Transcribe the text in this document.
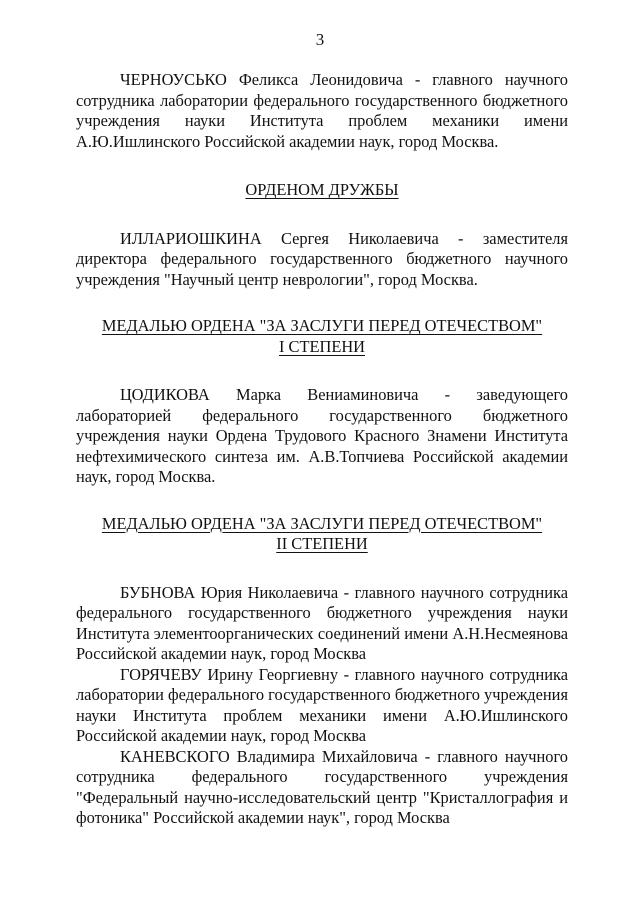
3

ЧЕРНОУСЬКО Феликса Леонидовича - главного научного сотрудника лаборатории федерального государственного бюджетного учреждения науки Института проблем механики имени А.Ю.Ишлинского Российской академии наук, город Москва.

ОРДЕНОМ ДРУЖБЫ

ИЛЛАРИОШКИНА Сергея Николаевича - заместителя директора федерального государственного бюджетного научного учреждения "Научный центр неврологии", город Москва.

МЕДАЛЬЮ ОРДЕНА "ЗА ЗАСЛУГИ ПЕРЕД ОТЕЧЕСТВОМ"
I СТЕПЕНИ

ЦОДИКОВА Марка Вениаминовича - заведующего лабораторией федерального государственного бюджетного учреждения науки Ордена Трудового Красного Знамени Института нефтехимического синтеза им. А.В.Топчиева Российской академии наук, город Москва.

МЕДАЛЬЮ ОРДЕНА "ЗА ЗАСЛУГИ ПЕРЕД ОТЕЧЕСТВОМ"
II СТЕПЕНИ

БУБНОВА Юрия Николаевича - главного научного сотрудника федерального государственного бюджетного учреждения науки Института элементоорганических соединений имени А.Н.Несмеянова Российской академии наук, город Москва

ГОРЯЧЕВУ Ирину Георгиевну - главного научного сотрудника лаборатории федерального государственного бюджетного учреждения науки Института проблем механики имени А.Ю.Ишлинского Российской академии наук, город Москва

КАНЕВСКОГО Владимира Михайловича - главного научного сотрудника федерального государственного учреждения "Федеральный научно-исследовательский центр "Кристаллография и фотоника" Российской академии наук", город Москва
